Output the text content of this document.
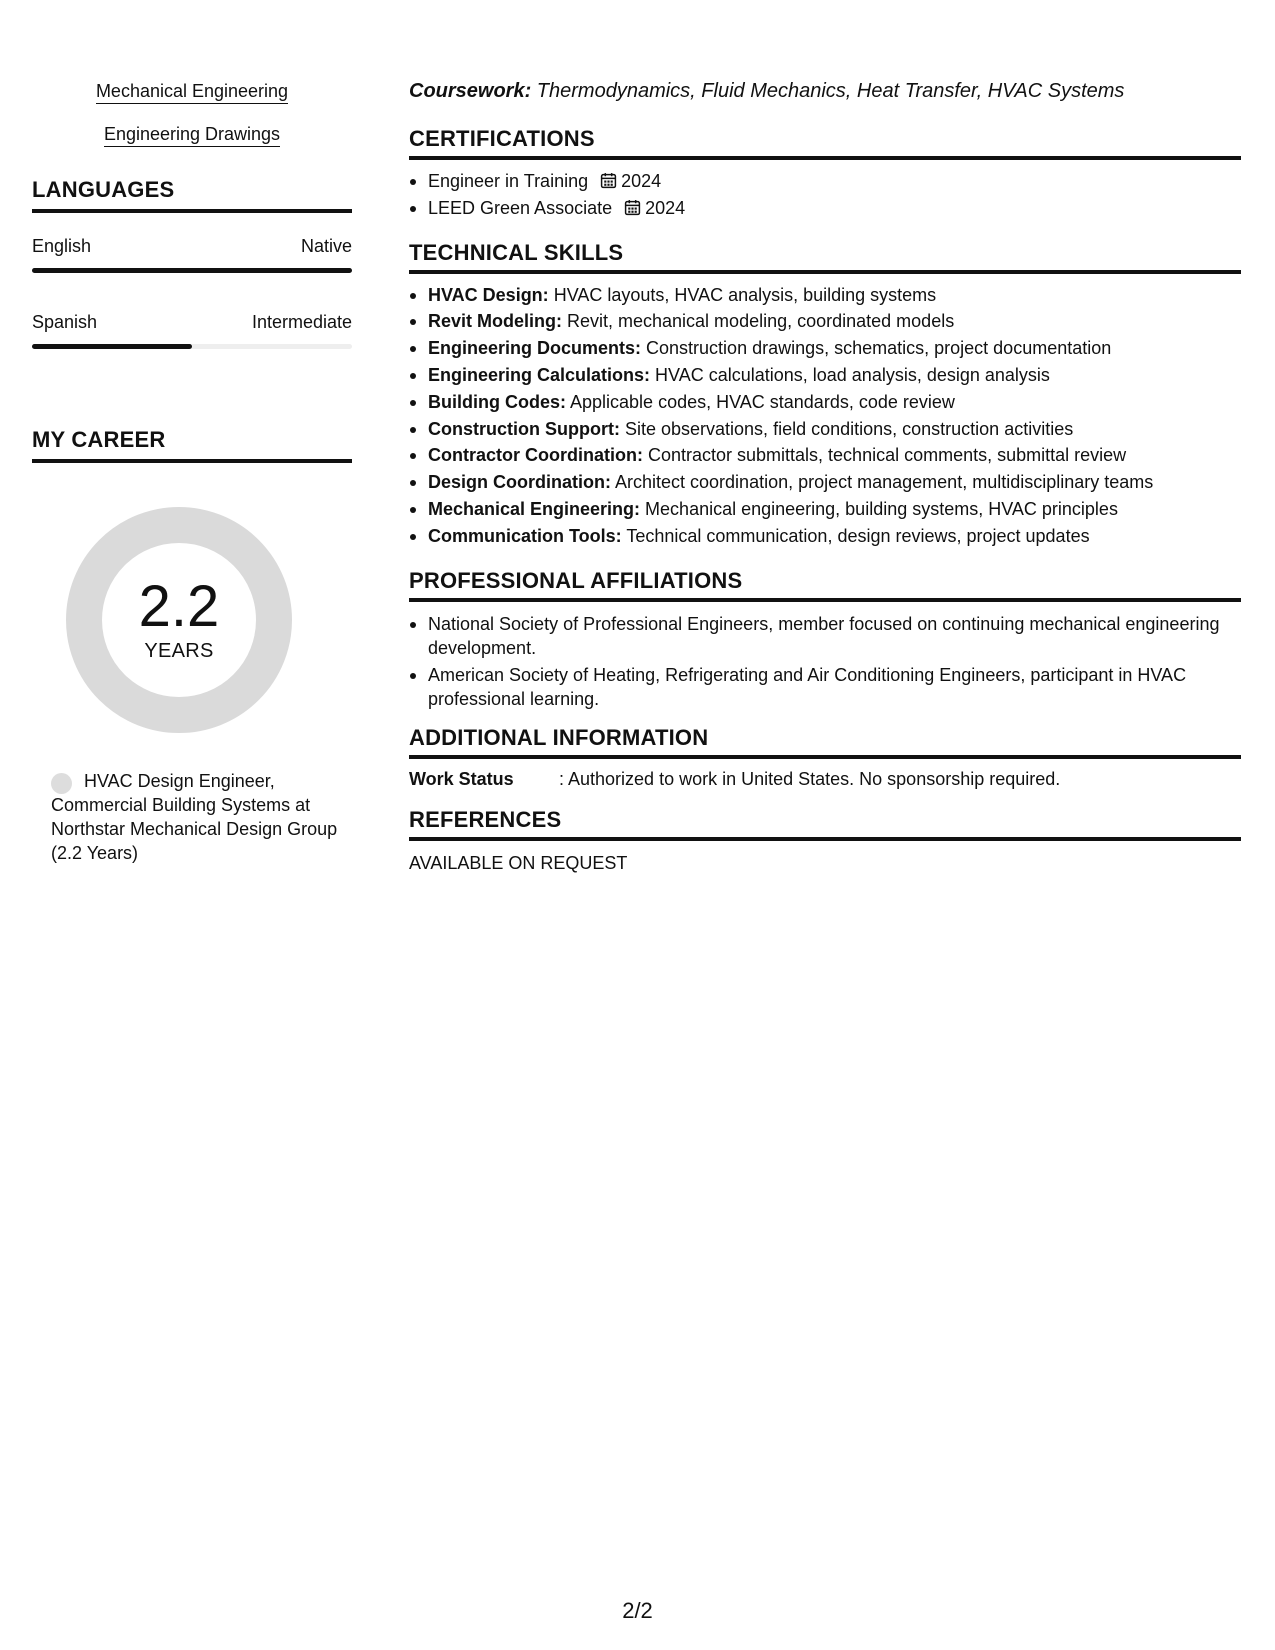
Mechanical Engineering
Engineering Drawings
LANGUAGES
English	Native
Spanish	Intermediate
MY CAREER
2.2
YEARS
HVAC Design Engineer, Commercial Building Systems at Northstar Mechanical Design Group (2.2 Years)
Coursework: Thermodynamics, Fluid Mechanics, Heat Transfer, HVAC Systems
CERTIFICATIONS
Engineer in Training 2024
LEED Green Associate 2024
TECHNICAL SKILLS
HVAC Design: HVAC layouts, HVAC analysis, building systems
Revit Modeling: Revit, mechanical modeling, coordinated models
Engineering Documents: Construction drawings, schematics, project documentation
Engineering Calculations: HVAC calculations, load analysis, design analysis
Building Codes: Applicable codes, HVAC standards, code review
Construction Support: Site observations, field conditions, construction activities
Contractor Coordination: Contractor submittals, technical comments, submittal review
Design Coordination: Architect coordination, project management, multidisciplinary teams
Mechanical Engineering: Mechanical engineering, building systems, HVAC principles
Communication Tools: Technical communication, design reviews, project updates
PROFESSIONAL AFFILIATIONS
National Society of Professional Engineers, member focused on continuing mechanical engineering development.
American Society of Heating, Refrigerating and Air Conditioning Engineers, participant in HVAC professional learning.
ADDITIONAL INFORMATION
Work Status	: Authorized to work in United States. No sponsorship required.
REFERENCES
AVAILABLE ON REQUEST
2/2
